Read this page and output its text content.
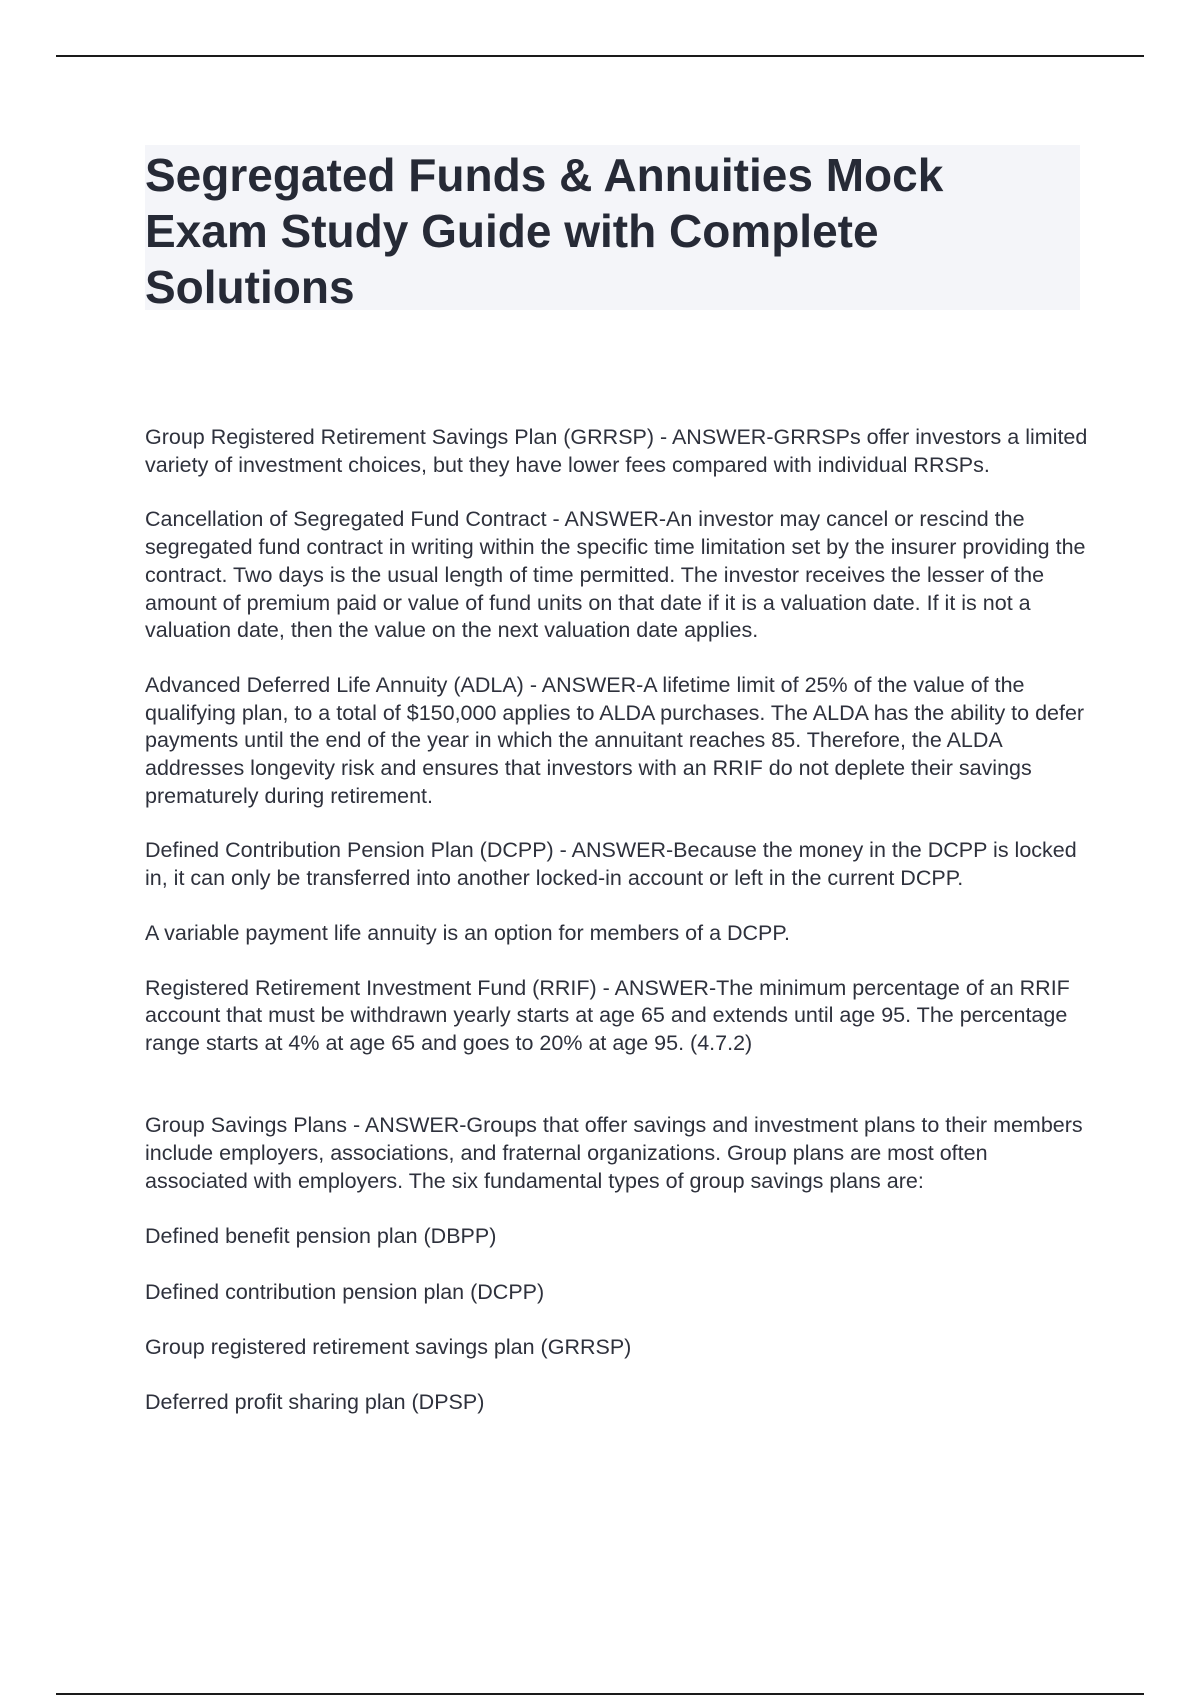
Segregated Funds & Annuities Mock Exam Study Guide with Complete Solutions

Group Registered Retirement Savings Plan (GRRSP) - ANSWER-GRRSPs offer investors a limited variety of investment choices, but they have lower fees compared with individual RRSPs.

Cancellation of Segregated Fund Contract - ANSWER-An investor may cancel or rescind the segregated fund contract in writing within the specific time limitation set by the insurer providing the contract. Two days is the usual length of time permitted. The investor receives the lesser of the amount of premium paid or value of fund units on that date if it is a valuation date. If it is not a valuation date, then the value on the next valuation date applies.

Advanced Deferred Life Annuity (ADLA) - ANSWER-A lifetime limit of 25% of the value of the qualifying plan, to a total of $150,000 applies to ALDA purchases. The ALDA has the ability to defer payments until the end of the year in which the annuitant reaches 85. Therefore, the ALDA addresses longevity risk and ensures that investors with an RRIF do not deplete their savings prematurely during retirement.

Defined Contribution Pension Plan (DCPP) - ANSWER-Because the money in the DCPP is locked in, it can only be transferred into another locked-in account or left in the current DCPP.

A variable payment life annuity is an option for members of a DCPP.

Registered Retirement Investment Fund (RRIF) - ANSWER-The minimum percentage of an RRIF account that must be withdrawn yearly starts at age 65 and extends until age 95. The percentage range starts at 4% at age 65 and goes to 20% at age 95. (4.7.2)

Group Savings Plans - ANSWER-Groups that offer savings and investment plans to their members include employers, associations, and fraternal organizations. Group plans are most often associated with employers. The six fundamental types of group savings plans are:

Defined benefit pension plan (DBPP)

Defined contribution pension plan (DCPP)

Group registered retirement savings plan (GRRSP)

Deferred profit sharing plan (DPSP)
